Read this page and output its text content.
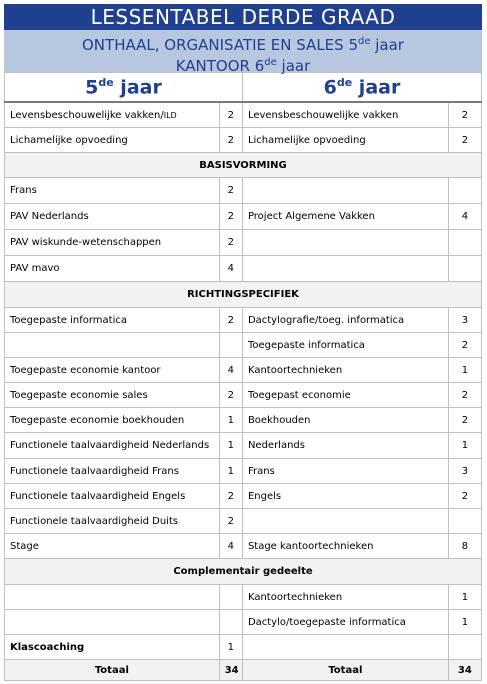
LESSENTABEL DERDE GRAAD
ONTHAAL, ORGANISATIE EN SALES 5de jaar
KANTOOR 6de jaar
5de jaar		6de jaar	
Levensbeschouwelijke vakken/ILD	2	Levensbeschouwelijke vakken	2
Lichamelijke opvoeding	2	Lichamelijke opvoeding	2
BASISVORMING			
Frans	2		
PAV Nederlands	2	Project Algemene Vakken	4
PAV wiskunde-wetenschappen	2		
PAV mavo	4		
RICHTINGSPECIFIEK			
Toegepaste informatica	2	Dactylografie/toeg. informatica	3
		Toegepaste informatica	2
Toegepaste economie kantoor	4	Kantoortechnieken	1
Toegepaste economie sales	2	Toegepast economie	2
Toegepaste economie boekhouden	1	Boekhouden	2
Functionele taalvaardigheid Nederlands	1	Nederlands	1
Functionele taalvaardigheid Frans	1	Frans	3
Functionele taalvaardigheid Engels	2	Engels	2
Functionele taalvaardigheid Duits	2		
Stage	4	Stage kantoortechnieken	8
Complementair gedeelte			
		Kantoortechnieken	1
		Dactylo/toegepaste informatica	1
Klascoaching	1		
Totaal	34	Totaal	34
